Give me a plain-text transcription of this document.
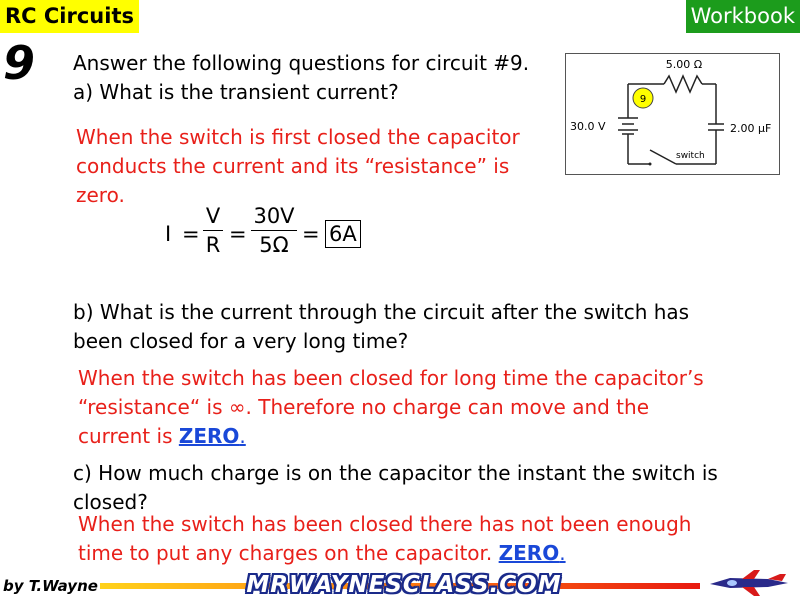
RC Circuits	Workbook
9 Answer the following questions for circuit #9.
a) What is the transient current?	9
5.00 Ω
30.0 V	2.00 μF
switch
When the switch is first closed the capacitor
conducts the current and its “resistance” is
zero.
I =
V
R =
30V
5Ω = 6A
b) What is the current through the circuit after the switch has
been closed for a very long time?
When the switch has been closed for long time the capacitor’s
“resistance“ is ∞. Therefore no charge can move and the
current is ZERO.
c) How much charge is on the capacitor the instant the switch is
closed?
When the switch has been closed there has not been enough
time to put any charges on the capacitor. ZERO.
by T.Wayne	MRWAYNESCLASS.COM
